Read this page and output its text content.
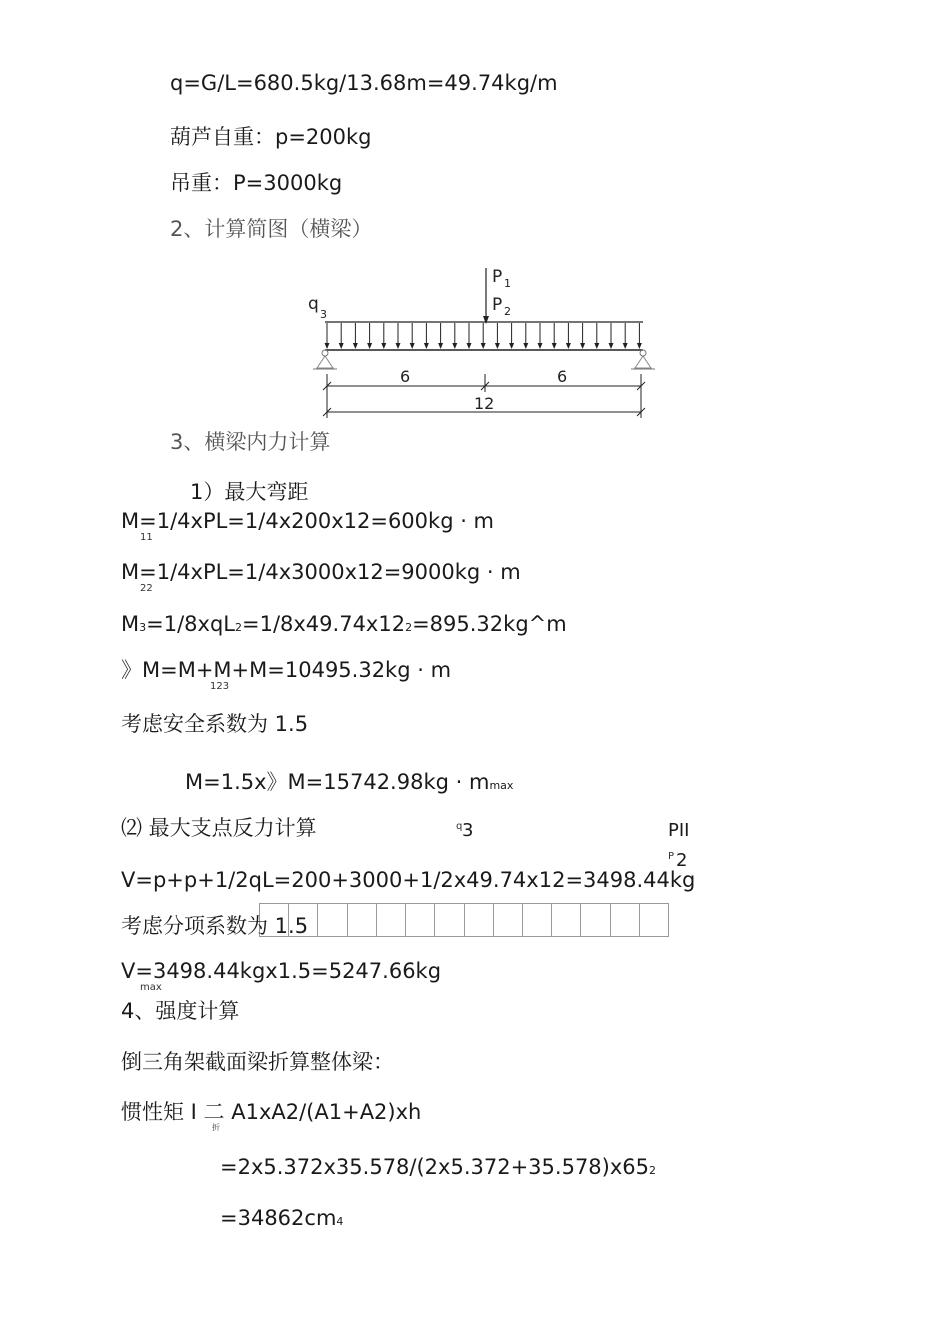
q=G/L=680.5kg/13.68m=49.74kg/m
葫芦自重：p=200kg
吊重：P=3000kg
2、计算简图（横梁）
P 1
P 2
q
3
6	6
12
3、横梁内力计算
1）最大弯距
M=1/4xPL=1/4x200x12=600kg · m
11
M=1/4xPL=1/4x3000x12=9000kg · m
22
M3=1/8xqL2=1/8x49.74x122=895.32kg^m
》M=M+M+M=10495.32kg · m
123
考虑安全系数为 1.5
M=1.5x》M=15742.98kg · mmax
⑵ 最大支点反力计算	q 3	PII
P 2
V=p+p+1/2qL=200+3000+1/2x49.74x12=3498.44kg
考虑分项系数为 1.5
V=3498.44kgx1.5=5247.66kg
max
4、强度计算
倒三角架截面梁折算整体梁：
惯性矩 I 二 A1xA2/(A1+A2)xh
折
=2x5.372x35.578/(2x5.372+35.578)x652
=34862cm4
